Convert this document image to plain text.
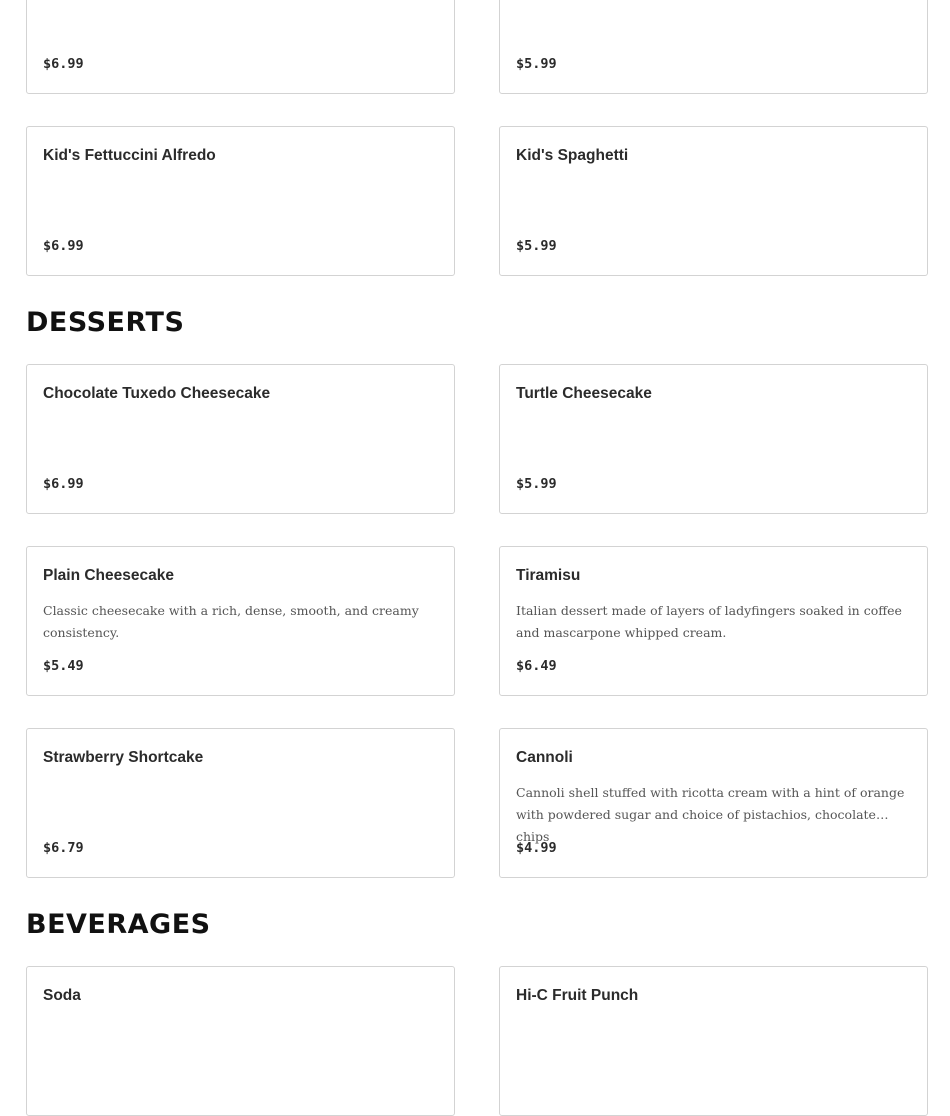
$6.99	$5.99
Kid's Fettuccini Alfredo
$6.99
Kid's Spaghetti
$5.99
DESSERTS
Chocolate Tuxedo Cheesecake
$6.99
Turtle Cheesecake
$5.99
Plain Cheesecake
Classic cheesecake with a rich, dense, smooth, and creamy consistency.
$5.49
Tiramisu
Italian dessert made of layers of ladyfingers soaked in coffee and mascarpone whipped cream.
$6.49
Strawberry Shortcake
$6.79
Cannoli
Cannoli shell stuffed with ricotta cream with a hint of orange with powdered sugar and choice of pistachios, chocolate chips
$4.99
BEVERAGES
Soda	Hi-C Fruit Punch
